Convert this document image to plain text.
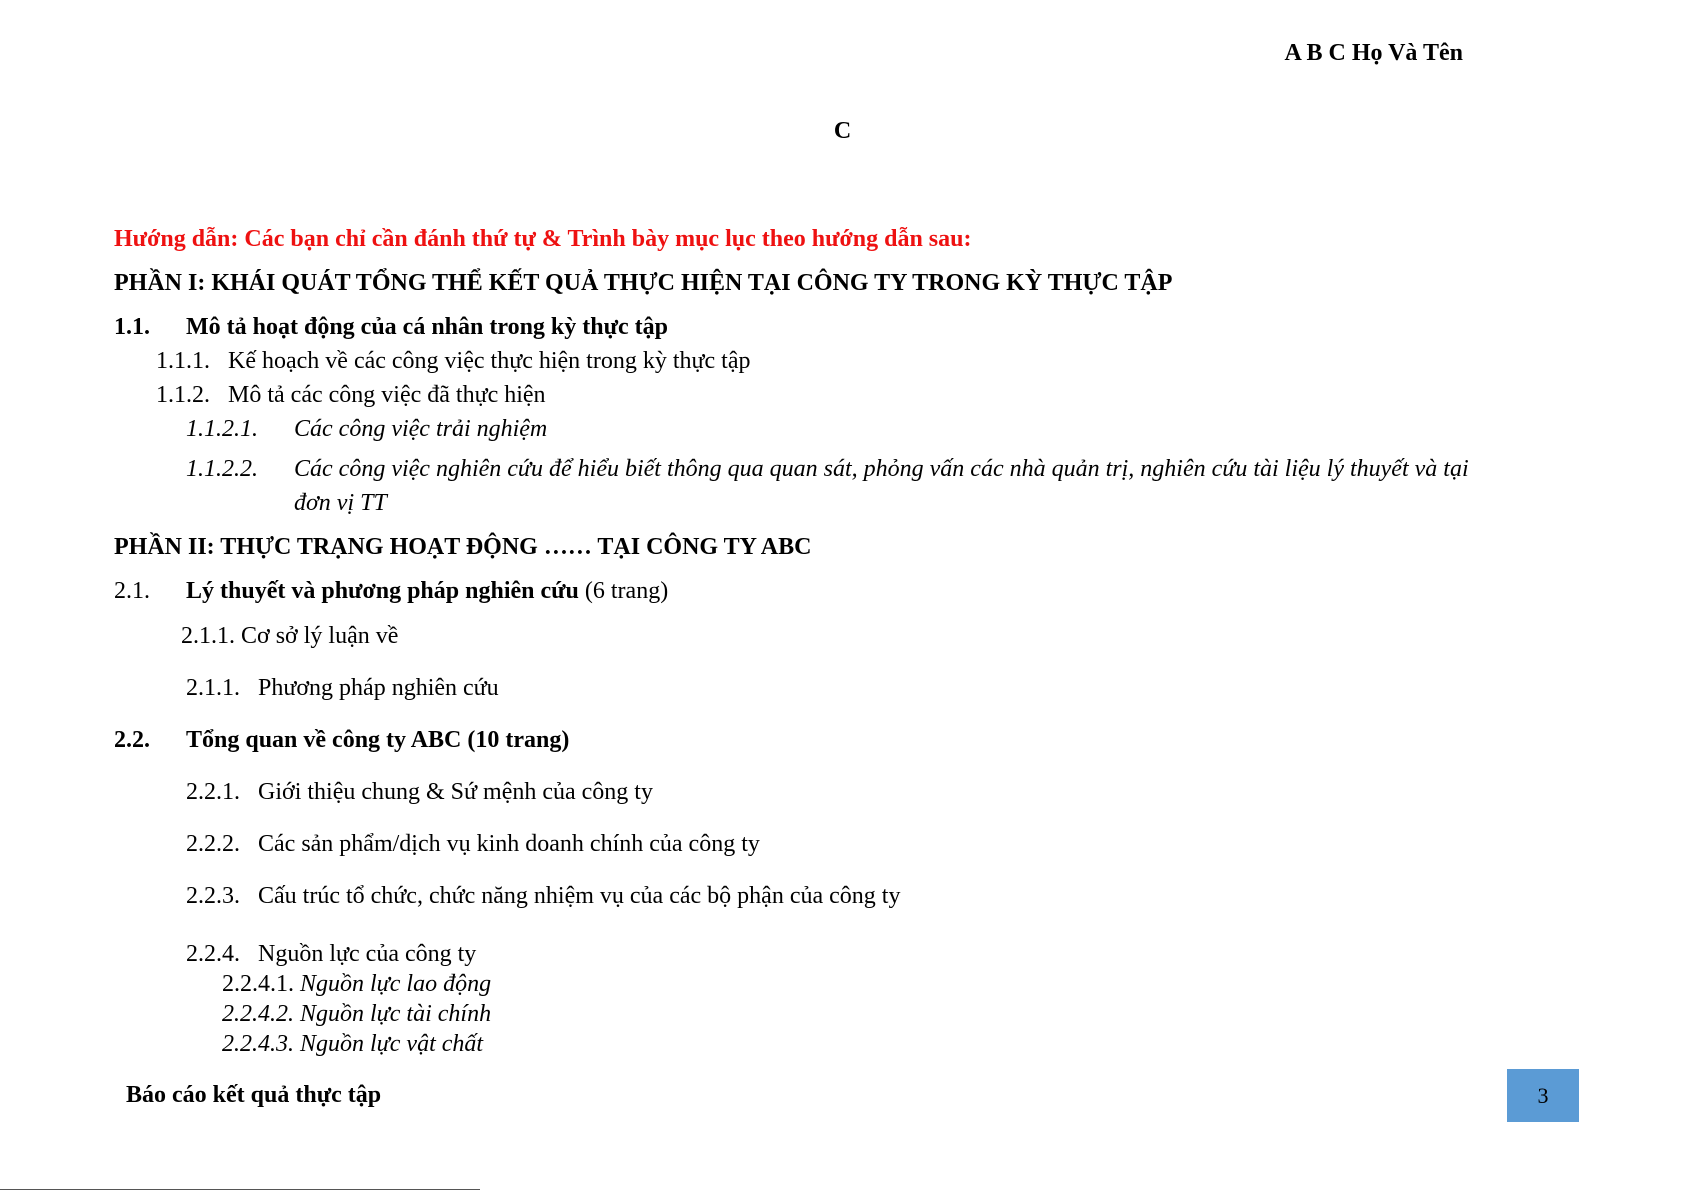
A B C Họ Và Tên
C
Hướng dẫn: Các bạn chỉ cần đánh thứ tự & Trình bày mục lục theo hướng dẫn sau:
PHẦN I: KHÁI QUÁT TỔNG THỂ KẾT QUẢ THỰC HIỆN TẠI CÔNG TY TRONG KỲ THỰC TẬP
1.1. Mô tả hoạt động của cá nhân trong kỳ thực tập
1.1.1. Kế hoạch về các công việc thực hiện trong kỳ thực tập
1.1.2. Mô tả các công việc đã thực hiện
1.1.2.1. Các công việc trải nghiệm
1.1.2.2. Các công việc nghiên cứu để hiểu biết thông qua quan sát, phỏng vấn các nhà quản trị, nghiên cứu tài liệu lý thuyết và tại
đơn vị TT
PHẦN II: THỰC TRẠNG HOẠT ĐỘNG …… TẠI CÔNG TY ABC
2.1. Lý thuyết và phương pháp nghiên cứu (6 trang)
2.1.1. Cơ sở lý luận về
2.1.1. Phương pháp nghiên cứu
2.2. Tổng quan về công ty ABC (10 trang)
2.2.1. Giới thiệu chung & Sứ mệnh của công ty
2.2.2. Các sản phẩm/dịch vụ kinh doanh chính của công ty
2.2.3. Cấu trúc tổ chức, chức năng nhiệm vụ của các bộ phận của công ty
2.2.4. Nguồn lực của công ty
2.2.4.1. Nguồn lực lao động
2.2.4.2. Nguồn lực tài chính
2.2.4.3. Nguồn lực vật chất
Báo cáo kết quả thực tập	3
